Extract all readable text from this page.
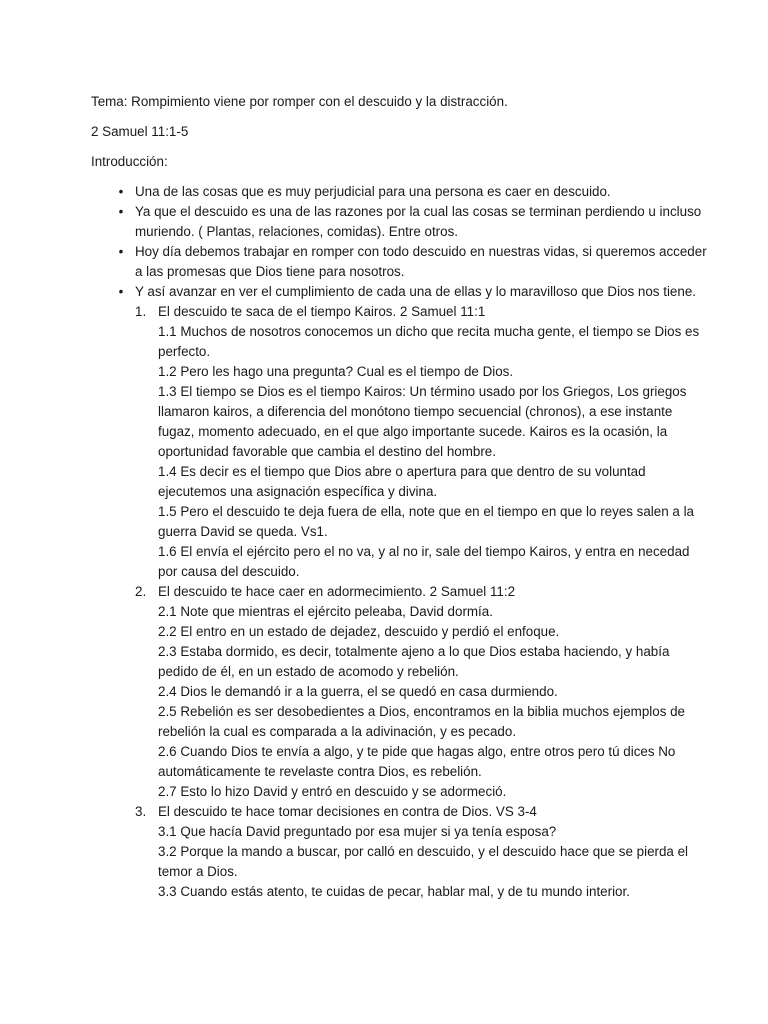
Tema: Rompimiento viene por romper con el descuido y la distracción.

2 Samuel 11:1-5

Introducción:

• Una de las cosas que es muy perjudicial para una persona es caer en descuido.
• Ya que el descuido es una de las razones por la cual las cosas se terminan perdiendo u incluso
muriendo. ( Plantas, relaciones, comidas). Entre otros.
• Hoy día debemos trabajar en romper con todo descuido en nuestras vidas, si queremos acceder
a las promesas que Dios tiene para nosotros.
• Y así avanzar en ver el cumplimiento de cada una de ellas y lo maravilloso que Dios nos tiene.
1. El descuido te saca de el tiempo Kairos. 2 Samuel 11:1
1.1 Muchos de nosotros conocemos un dicho que recita mucha gente, el tiempo se Dios es
perfecto.
1.2 Pero les hago una pregunta? Cual es el tiempo de Dios.
1.3 El tiempo se Dios es el tiempo Kairos: Un término usado por los Griegos, Los griegos
llamaron kairos, a diferencia del monótono tiempo secuencial (chronos), a ese instante
fugaz, momento adecuado, en el que algo importante sucede. Kairos es la ocasión, la
oportunidad favorable que cambia el destino del hombre.
1.4 Es decir es el tiempo que Dios abre o apertura para que dentro de su voluntad
ejecutemos una asignación específica y divina.
1.5 Pero el descuido te deja fuera de ella, note que en el tiempo en que lo reyes salen a la
guerra David se queda. Vs1.
1.6 El envía el ejército pero el no va, y al no ir, sale del tiempo Kairos, y entra en necedad
por causa del descuido.
2. El descuido te hace caer en adormecimiento. 2 Samuel 11:2
2.1 Note que mientras el ejército peleaba, David dormía.
2.2 El entro en un estado de dejadez, descuido y perdió el enfoque.
2.3 Estaba dormido, es decir, totalmente ajeno a lo que Dios estaba haciendo, y había
pedido de él, en un estado de acomodo y rebelión.
2.4 Dios le demandó ir a la guerra, el se quedó en casa durmiendo.
2.5 Rebelión es ser desobedientes a Dios, encontramos en la biblia muchos ejemplos de
rebelión la cual es comparada a la adivinación, y es pecado.
2.6 Cuando Dios te envía a algo, y te pide que hagas algo, entre otros pero tú dices No
automáticamente te revelaste contra Dios, es rebelión.
2.7 Esto lo hizo David y entró en descuido y se adormeció.
3. El descuido te hace tomar decisiones en contra de Dios. VS 3-4
3.1 Que hacía David preguntado por esa mujer si ya tenía esposa?
3.2 Porque la mando a buscar, por calló en descuido, y el descuido hace que se pierda el
temor a Dios.
3.3 Cuando estás atento, te cuidas de pecar, hablar mal, y de tu mundo interior.
